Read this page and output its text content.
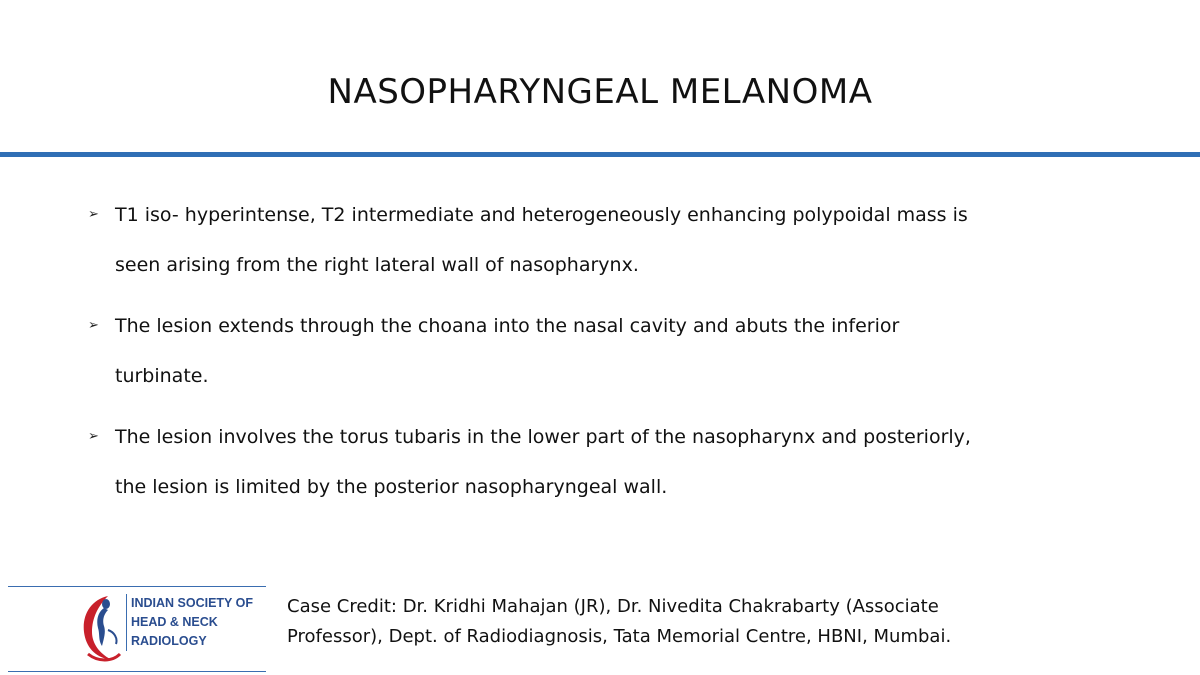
NASOPHARYNGEAL MELANOMA
➢ T1 iso- hyperintense, T2 intermediate and heterogeneously enhancing polypoidal mass is
seen arising from the right lateral wall of nasopharynx.
➢ The lesion extends through the choana into the nasal cavity and abuts the inferior
turbinate.
➢ The lesion involves the torus tubaris in the lower part of the nasopharynx and posteriorly,
the lesion is limited by the posterior nasopharyngeal wall.
INDIAN SOCIETY OF
HEAD & NECK
RADIOLOGY
Case Credit: Dr. Kridhi Mahajan (JR), Dr. Nivedita Chakrabarty (Associate
Professor), Dept. of Radiodiagnosis, Tata Memorial Centre, HBNI, Mumbai.
